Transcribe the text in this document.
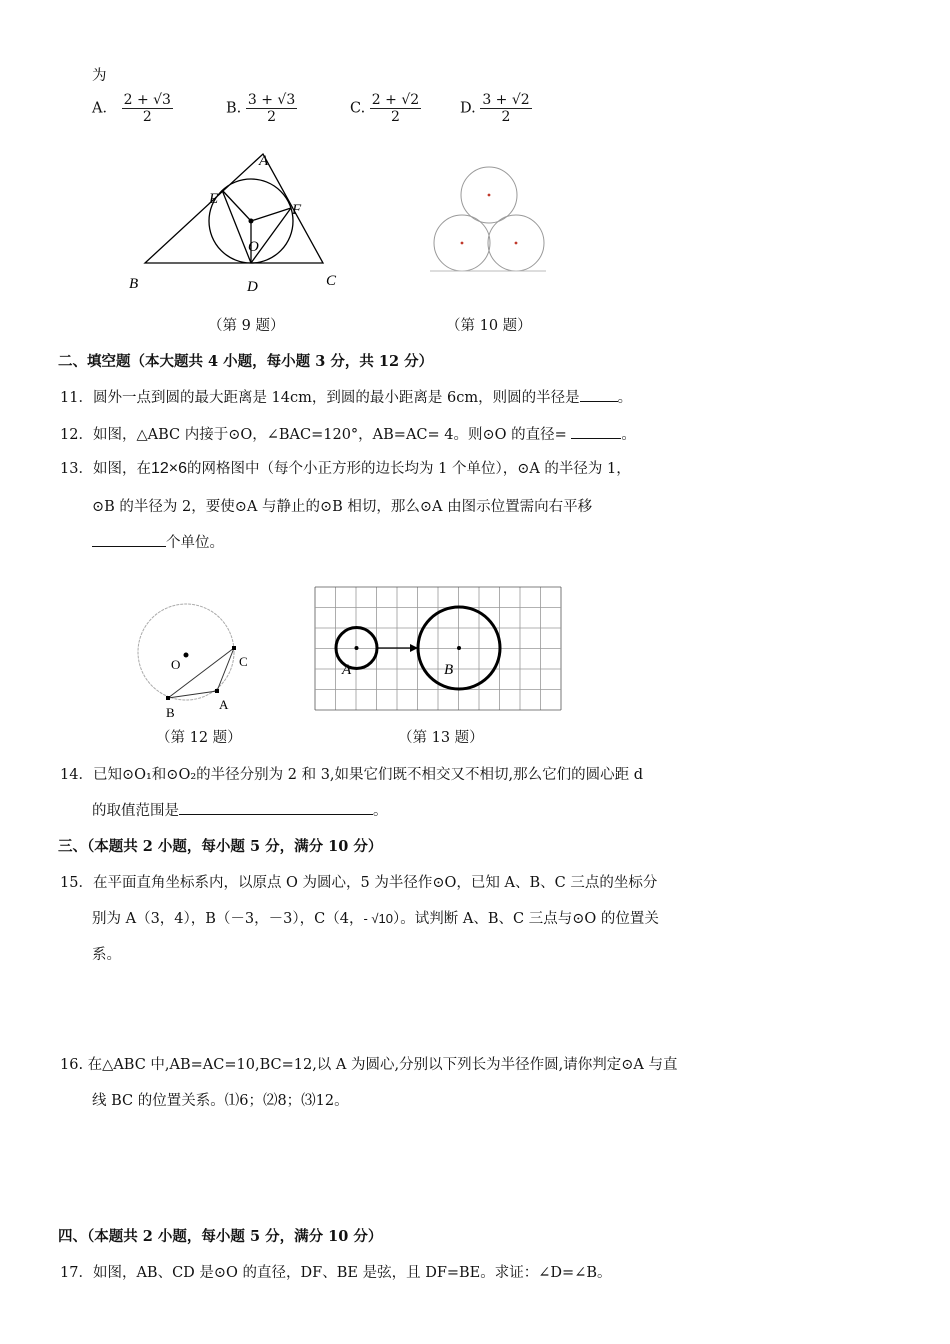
为
A． $\frac{2 + √3}{2}$	B. $\frac{3 + √3}{2}$	C. $\frac{2 + √2}{2}$	D. $\frac{3 + √2}{2}$
A
E
F
O
B	D	C
（第 9 题）	（第 10 题）
二、填空题（本大题共 4 小题，每小题 3 分，共 12 分）
11．圆外一点到圆的最大距离是 14cm，到圆的最小距离是 6cm，则圆的半径是	。
12．如图，△ABC 内接于⊙O，∠BAC=120°，AB=AC= 4。则⊙O 的直径=	。
13．如图，在12×6的网格图中（每个小正方形的边长均为 1 个单位），⊙A 的半径为 1，
⊙B 的半径为 2，要使⊙A 与静止的⊙B 相切，那么⊙A 由图示位置需向右平移
个单位。
O	C
A
B
A	B
（第 12 题）	（第 13 题）
14．已知⊙O₁和⊙O₂的半径分别为 2 和 3,如果它们既不相交又不相切,那么它们的圆心距 d
的取值范围是	。
三、（本题共 2 小题，每小题 5 分，满分 10 分）
15．在平面直角坐标系内，以原点 O 为圆心，5 为半径作⊙O，已知 A、B、C 三点的坐标分
别为 A（3，4），B（－3，－3），C（4，- √10）。试判断 A、B、C 三点与⊙O 的位置关
系。
16. 在△ABC 中,AB=AC=10,BC=12,以 A 为圆心,分别以下列长为半径作圆,请你判定⊙A 与直
线 BC 的位置关系。⑴6；⑵8；⑶12。
四、（本题共 2 小题，每小题 5 分，满分 10 分）
17．如图，AB、CD 是⊙O 的直径，DF、BE 是弦，且 DF=BE。求证：∠D=∠B。
